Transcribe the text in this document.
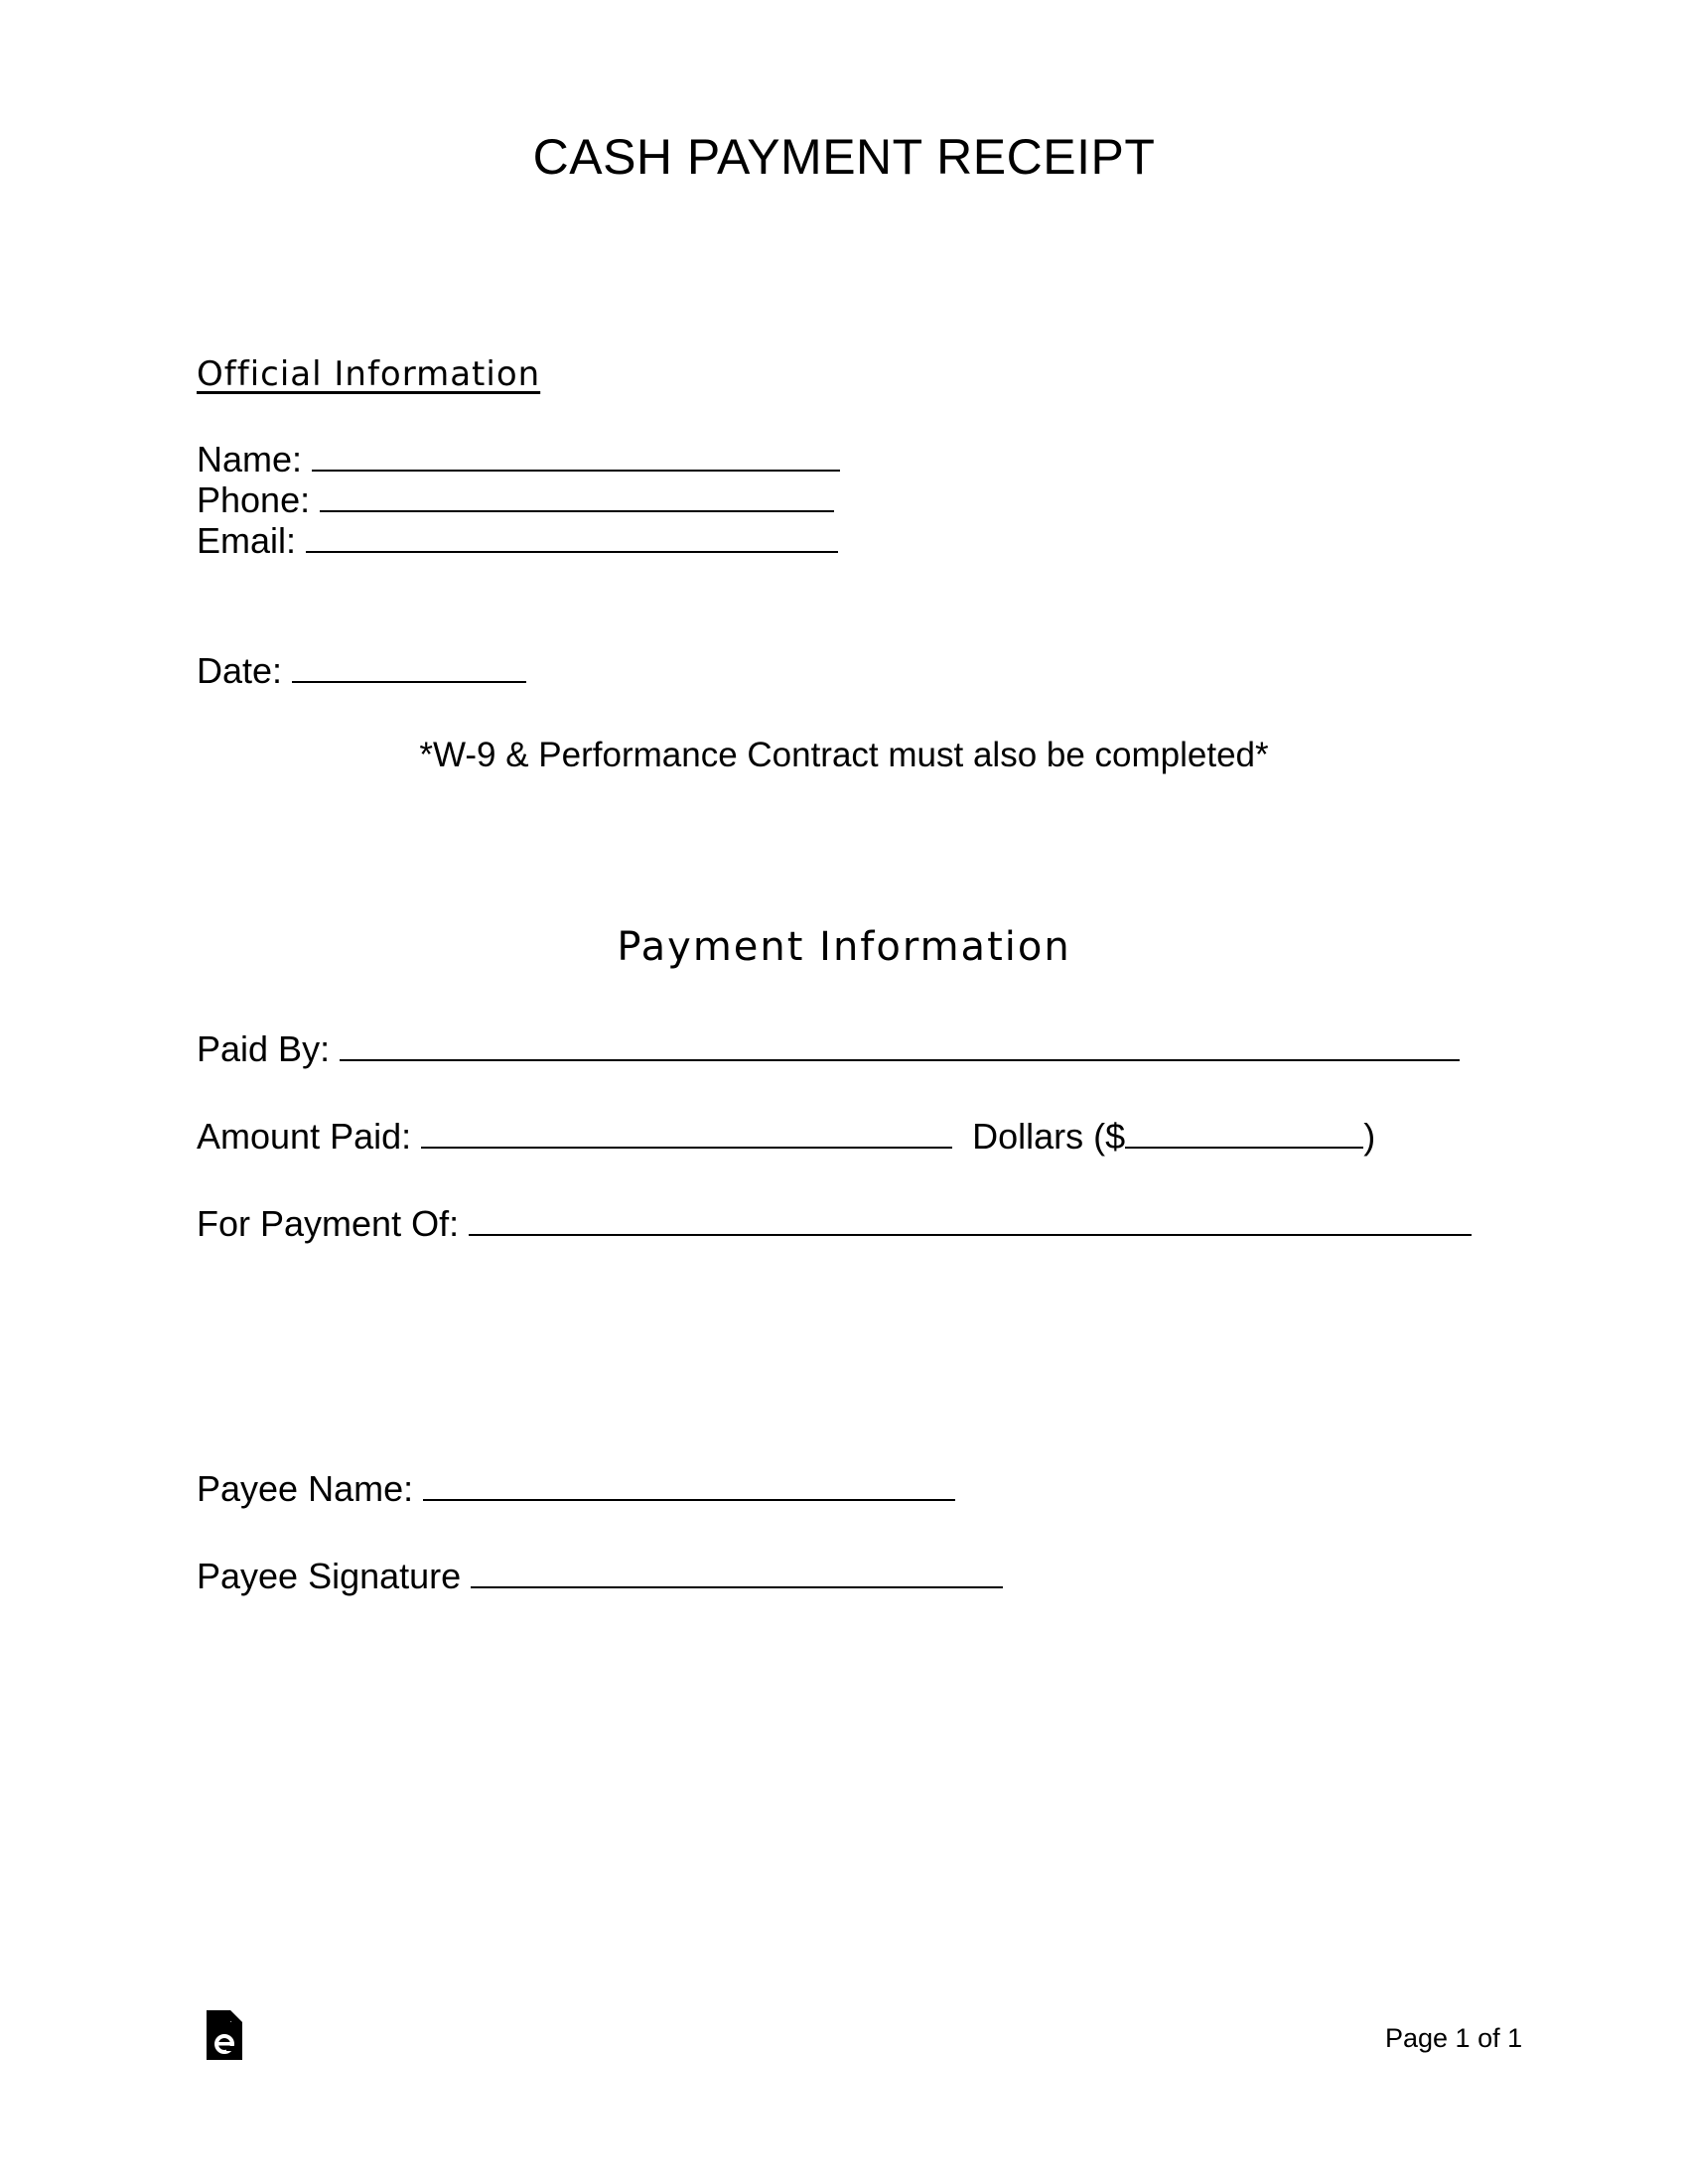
CASH PAYMENT RECEIPT
Official Information
Name:
Phone:
Email:
Date:
*W-9 & Performance Contract must also be completed*
Payment Information
Paid By:
Amount Paid:	Dollars ($	)
For Payment Of:
Payee Name:
Payee Signature
Page 1 of 1
